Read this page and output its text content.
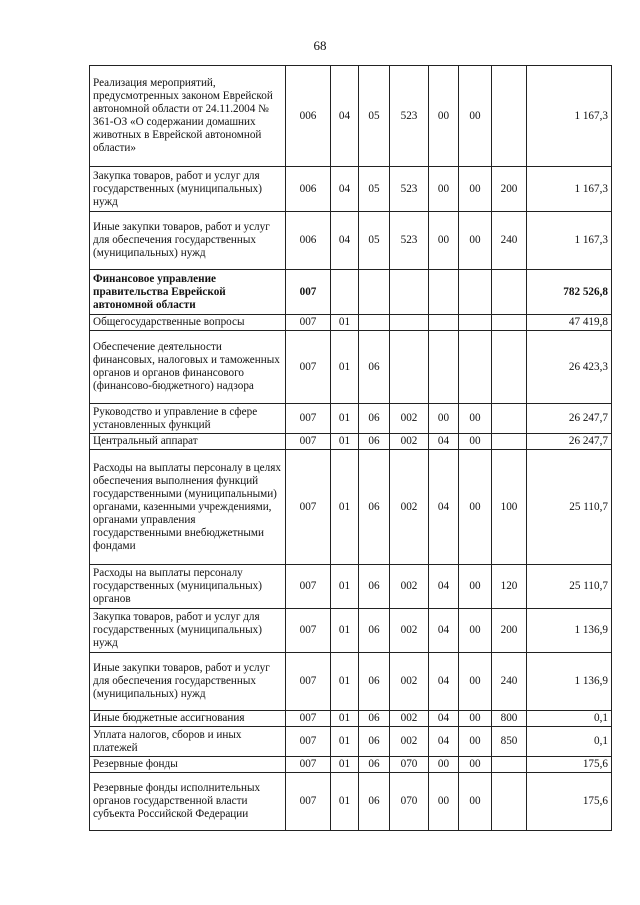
68
Реализация мероприятий, предусмотренных законом Еврейской автономной области от 24.11.2004 № 361-ОЗ «О содержании домашних животных в Еврейской автономной области»	006	04	05	523	00	00		1 167,3
Закупка товаров, работ и услуг для государственных (муниципальных) нужд	006	04	05	523	00	00	200	1 167,3
Иные закупки товаров, работ и услуг для обеспечения государственных (муниципальных) нужд	006	04	05	523	00	00	240	1 167,3
Финансовое управление правительства Еврейской автономной области	007							782 526,8
Общегосударственные вопросы	007	01						47 419,8
Обеспечение деятельности финансовых, налоговых и таможенных органов и органов финансового (финансово-бюджетного) надзора	007	01	06					26 423,3
Руководство и управление в сфере установленных функций	007	01	06	002	00	00		26 247,7
Центральный аппарат	007	01	06	002	04	00		26 247,7
Расходы на выплаты персоналу в целях обеспечения выполнения функций государственными (муниципальными) органами, казенными учреждениями, органами управления государственными внебюджетными фондами	007	01	06	002	04	00	100	25 110,7
Расходы на выплаты персоналу государственных (муниципальных) органов	007	01	06	002	04	00	120	25 110,7
Закупка товаров, работ и услуг для государственных (муниципальных) нужд	007	01	06	002	04	00	200	1 136,9
Иные закупки товаров, работ и услуг для обеспечения государственных (муниципальных) нужд	007	01	06	002	04	00	240	1 136,9
Иные бюджетные ассигнования	007	01	06	002	04	00	800	0,1
Уплата налогов, сборов и иных платежей	007	01	06	002	04	00	850	0,1
Резервные фонды	007	01	06	070	00	00		175,6
Резервные фонды исполнительных органов государственной власти субъекта Российской Федерации	007	01	06	070	00	00		175,6
